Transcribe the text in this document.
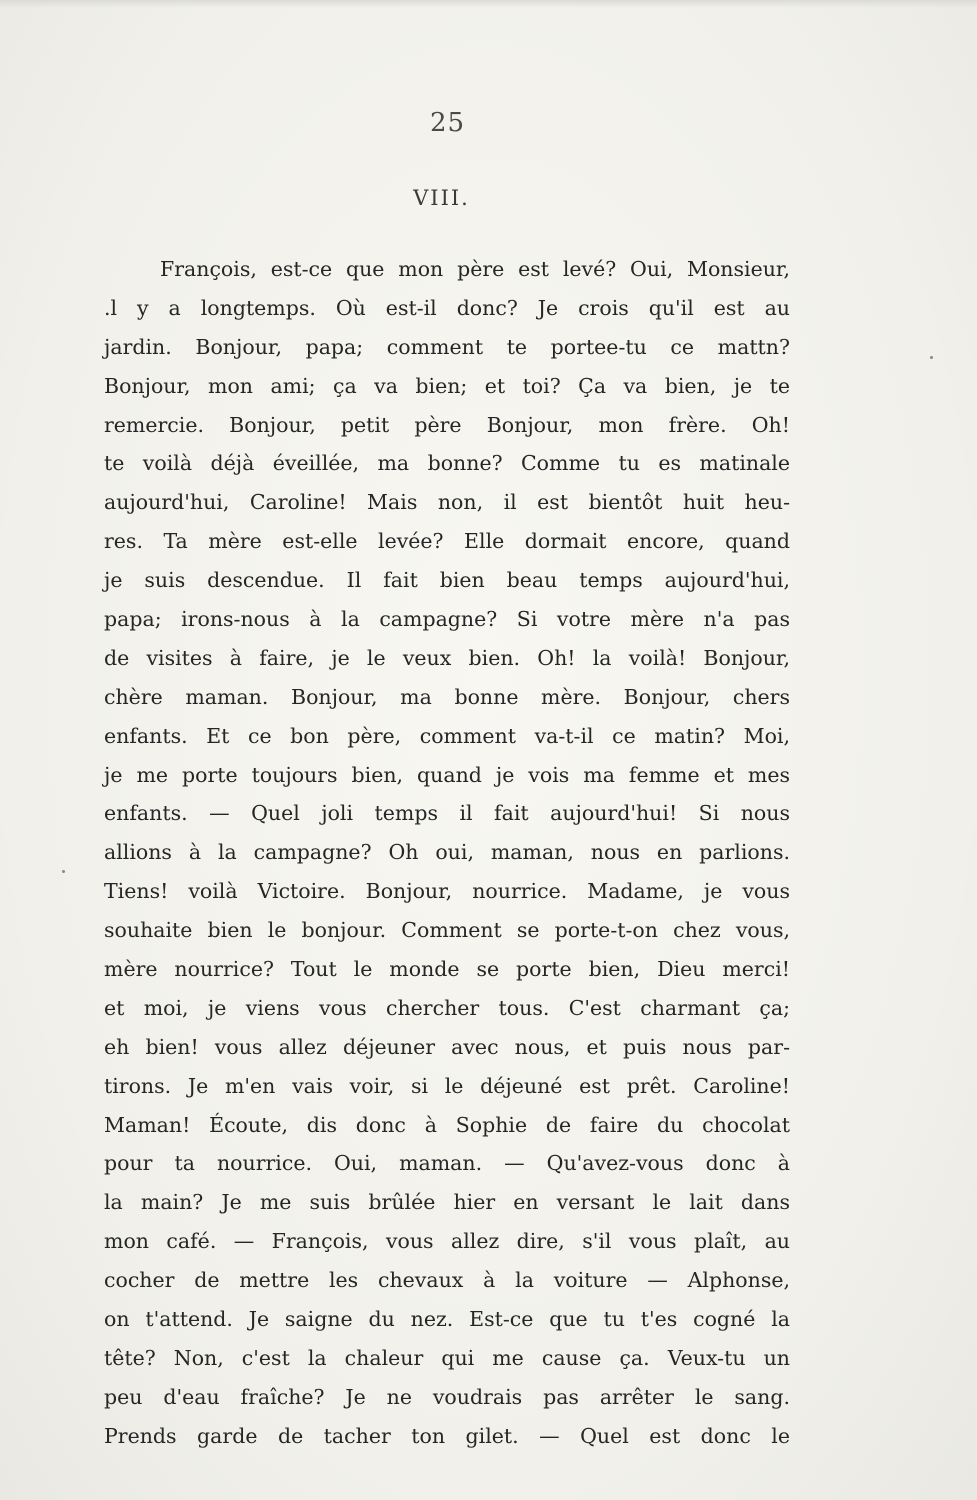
25
VIII.
François, est-ce que mon père est levé? Oui, Monsieur,
.l y a longtemps. Où est-il donc? Je crois qu'il est au
jardin. Bonjour, papa; comment te portee-tu ce mattn?
Bonjour, mon ami; ça va bien; et toi? Ça va bien, je te
remercie. Bonjour, petit père Bonjour, mon frère. Oh!
te voilà déjà éveillée, ma bonne? Comme tu es matinale
aujourd'hui, Caroline! Mais non, il est bientôt huit heu-
res. Ta mère est-elle levée? Elle dormait encore, quand
je suis descendue. Il fait bien beau temps aujourd'hui,
papa; irons-nous à la campagne? Si votre mère n'a pas
de visites à faire, je le veux bien. Oh! la voilà! Bonjour,
chère maman. Bonjour, ma bonne mère. Bonjour, chers
enfants. Et ce bon père, comment va-t-il ce matin? Moi,
je me porte toujours bien, quand je vois ma femme et mes
enfants. — Quel joli temps il fait aujourd'hui! Si nous
allions à la campagne? Oh oui, maman, nous en parlions.
Tiens! voilà Victoire. Bonjour, nourrice. Madame, je vous
souhaite bien le bonjour. Comment se porte-t-on chez vous,
mère nourrice? Tout le monde se porte bien, Dieu merci!
et moi, je viens vous chercher tous. C'est charmant ça;
eh bien! vous allez déjeuner avec nous, et puis nous par-
tirons. Je m'en vais voir, si le déjeuné est prêt. Caroline!
Maman! Écoute, dis donc à Sophie de faire du chocolat
pour ta nourrice. Oui, maman. — Qu'avez-vous donc à
la main? Je me suis brûlée hier en versant le lait dans
mon café. — François, vous allez dire, s'il vous plaît, au
cocher de mettre les chevaux à la voiture — Alphonse,
on t'attend. Je saigne du nez. Est-ce que tu t'es cogné la
tête? Non, c'est la chaleur qui me cause ça. Veux-tu un
peu d'eau fraîche? Je ne voudrais pas arrêter le sang.
Prends garde de tacher ton gilet. — Quel est donc le
